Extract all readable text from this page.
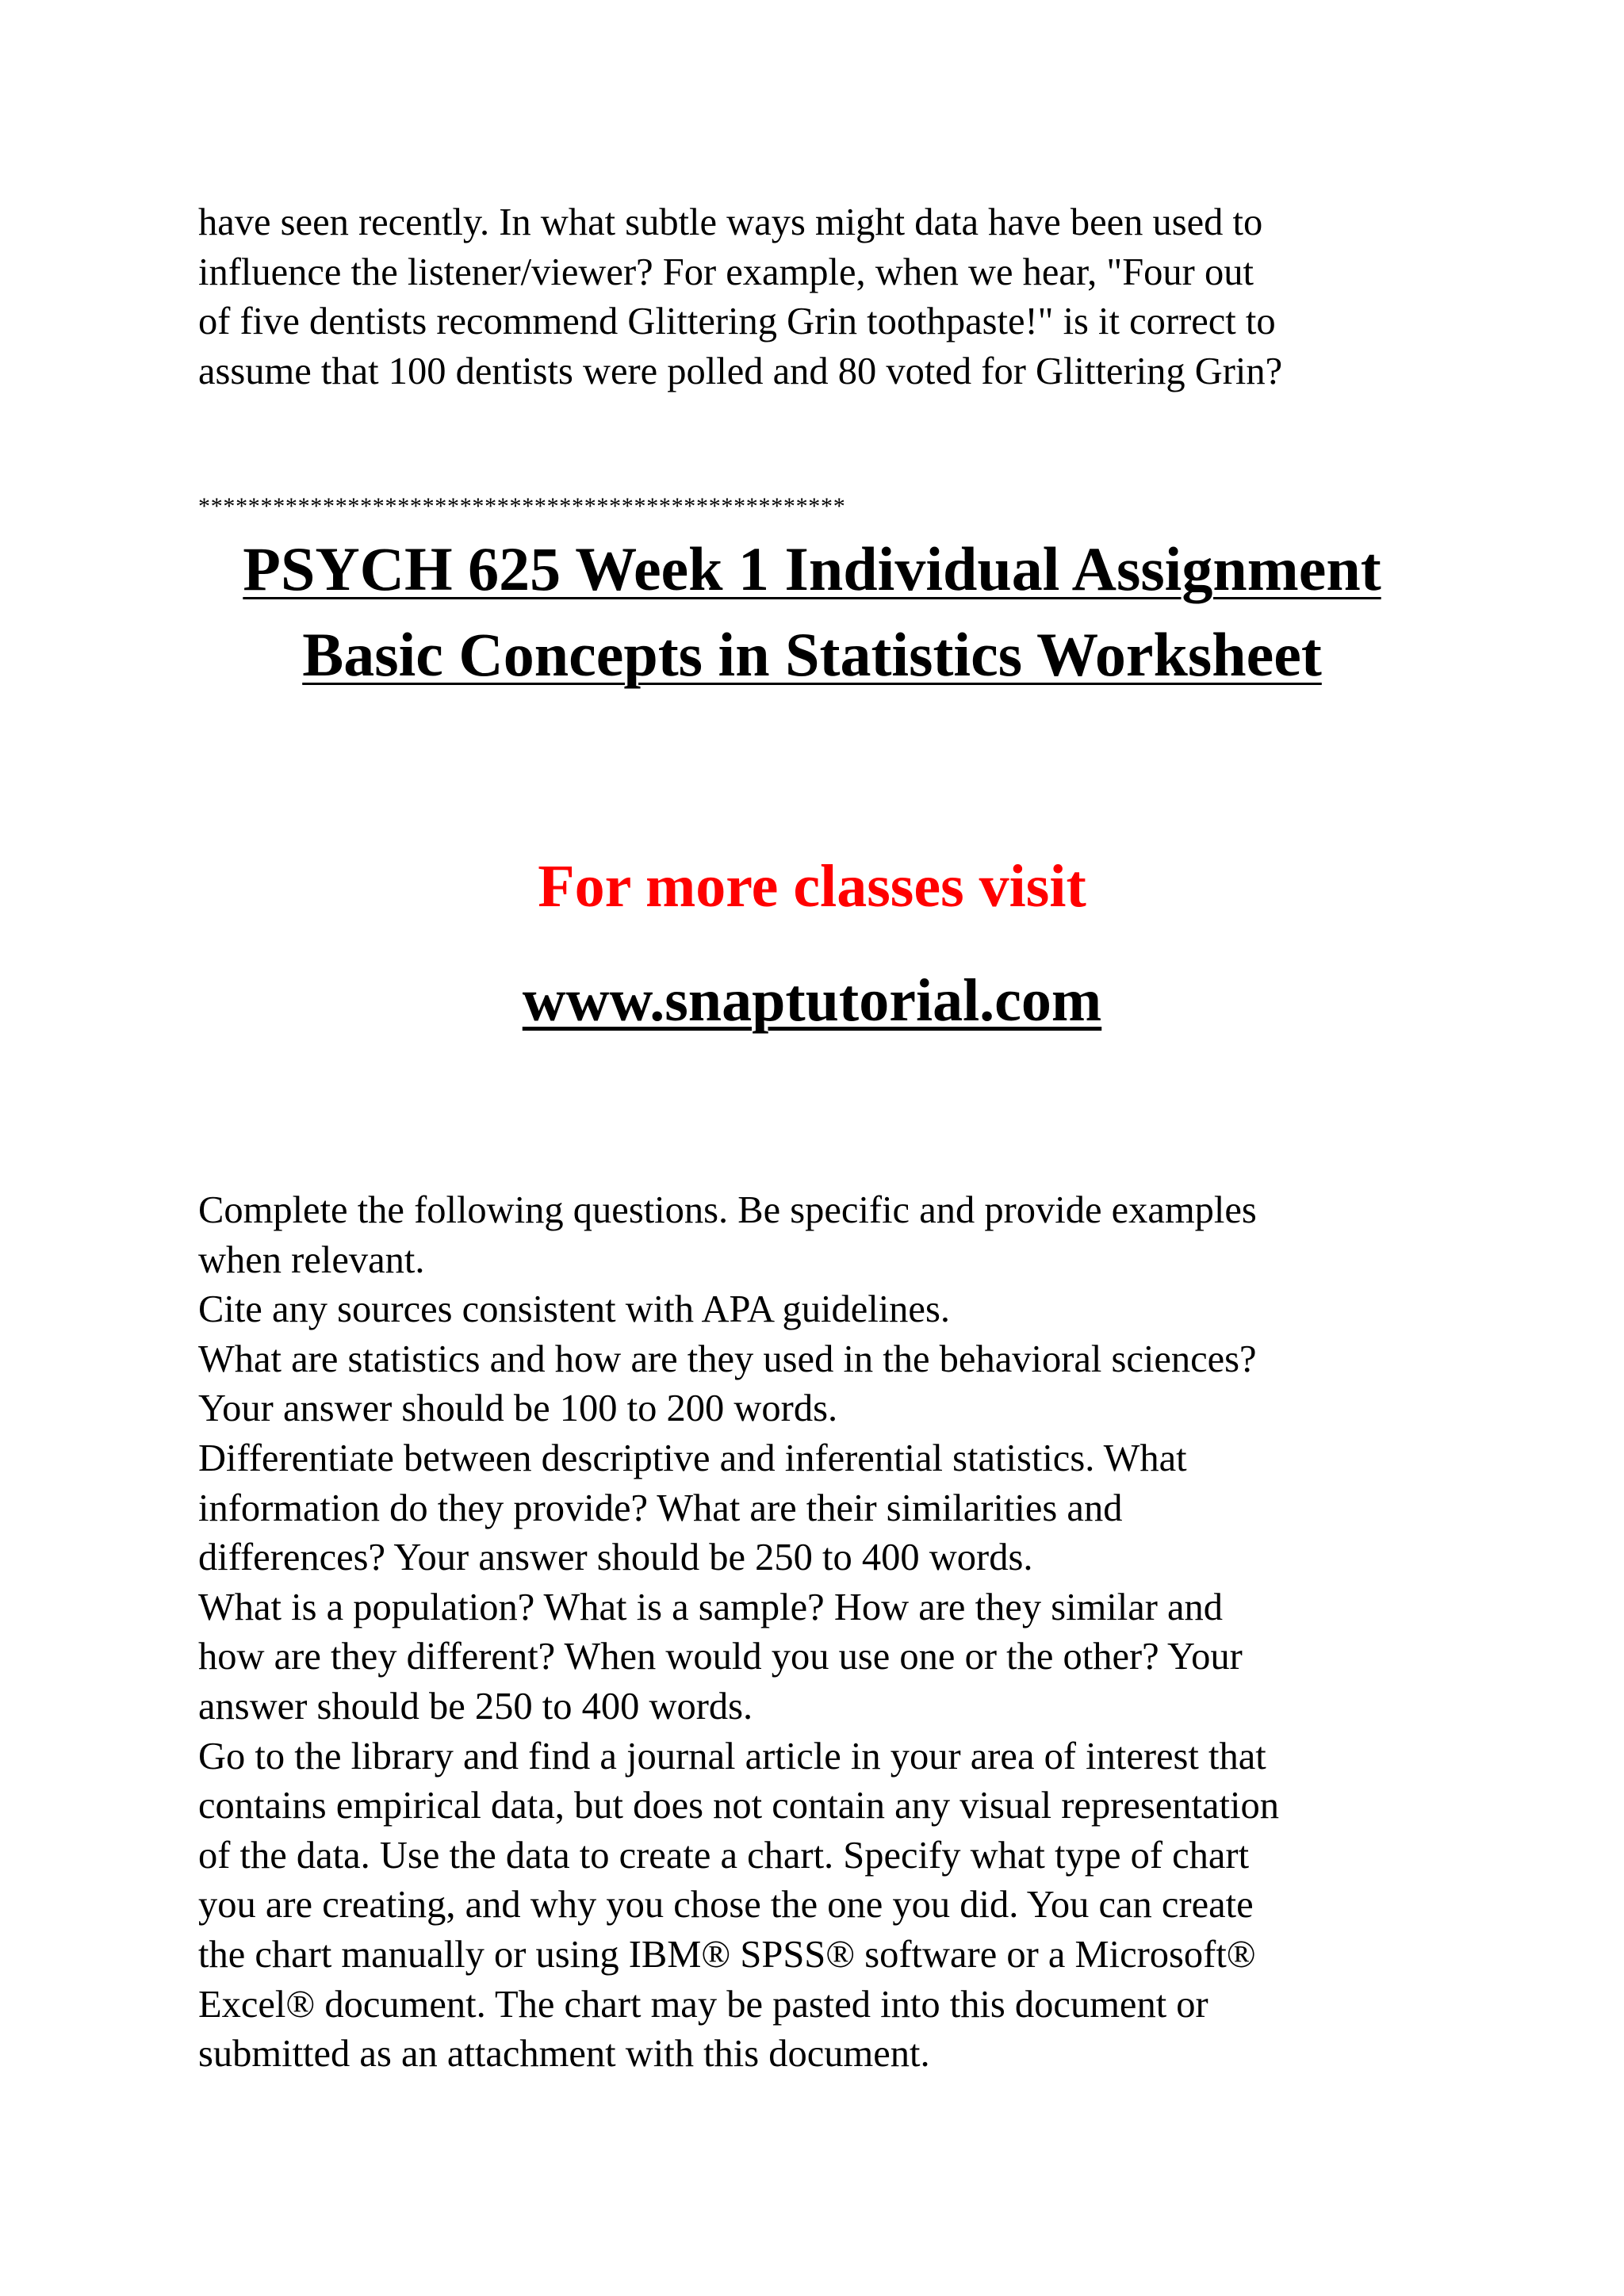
have seen recently. In what subtle ways might data have been used to
influence the listener/viewer? For example, when we hear, "Four out
of five dentists recommend Glittering Grin toothpaste!" is it correct to
assume that 100 dentists were polled and 80 voted for Glittering Grin?

****************************************************

PSYCH 625 Week 1 Individual Assignment
Basic Concepts in Statistics Worksheet

For more classes visit

www.snaptutorial.com

Complete the following questions. Be specific and provide examples
when relevant.
Cite any sources consistent with APA guidelines.
What are statistics and how are they used in the behavioral sciences?
Your answer should be 100 to 200 words.
Differentiate between descriptive and inferential statistics. What
information do they provide? What are their similarities and
differences? Your answer should be 250 to 400 words.
What is a population? What is a sample? How are they similar and
how are they different? When would you use one or the other? Your
answer should be 250 to 400 words.
Go to the library and find a journal article in your area of interest that
contains empirical data, but does not contain any visual representation
of the data. Use the data to create a chart. Specify what type of chart
you are creating, and why you chose the one you did. You can create
the chart manually or using IBM® SPSS® software or a Microsoft®
Excel® document. The chart may be pasted into this document or
submitted as an attachment with this document.
